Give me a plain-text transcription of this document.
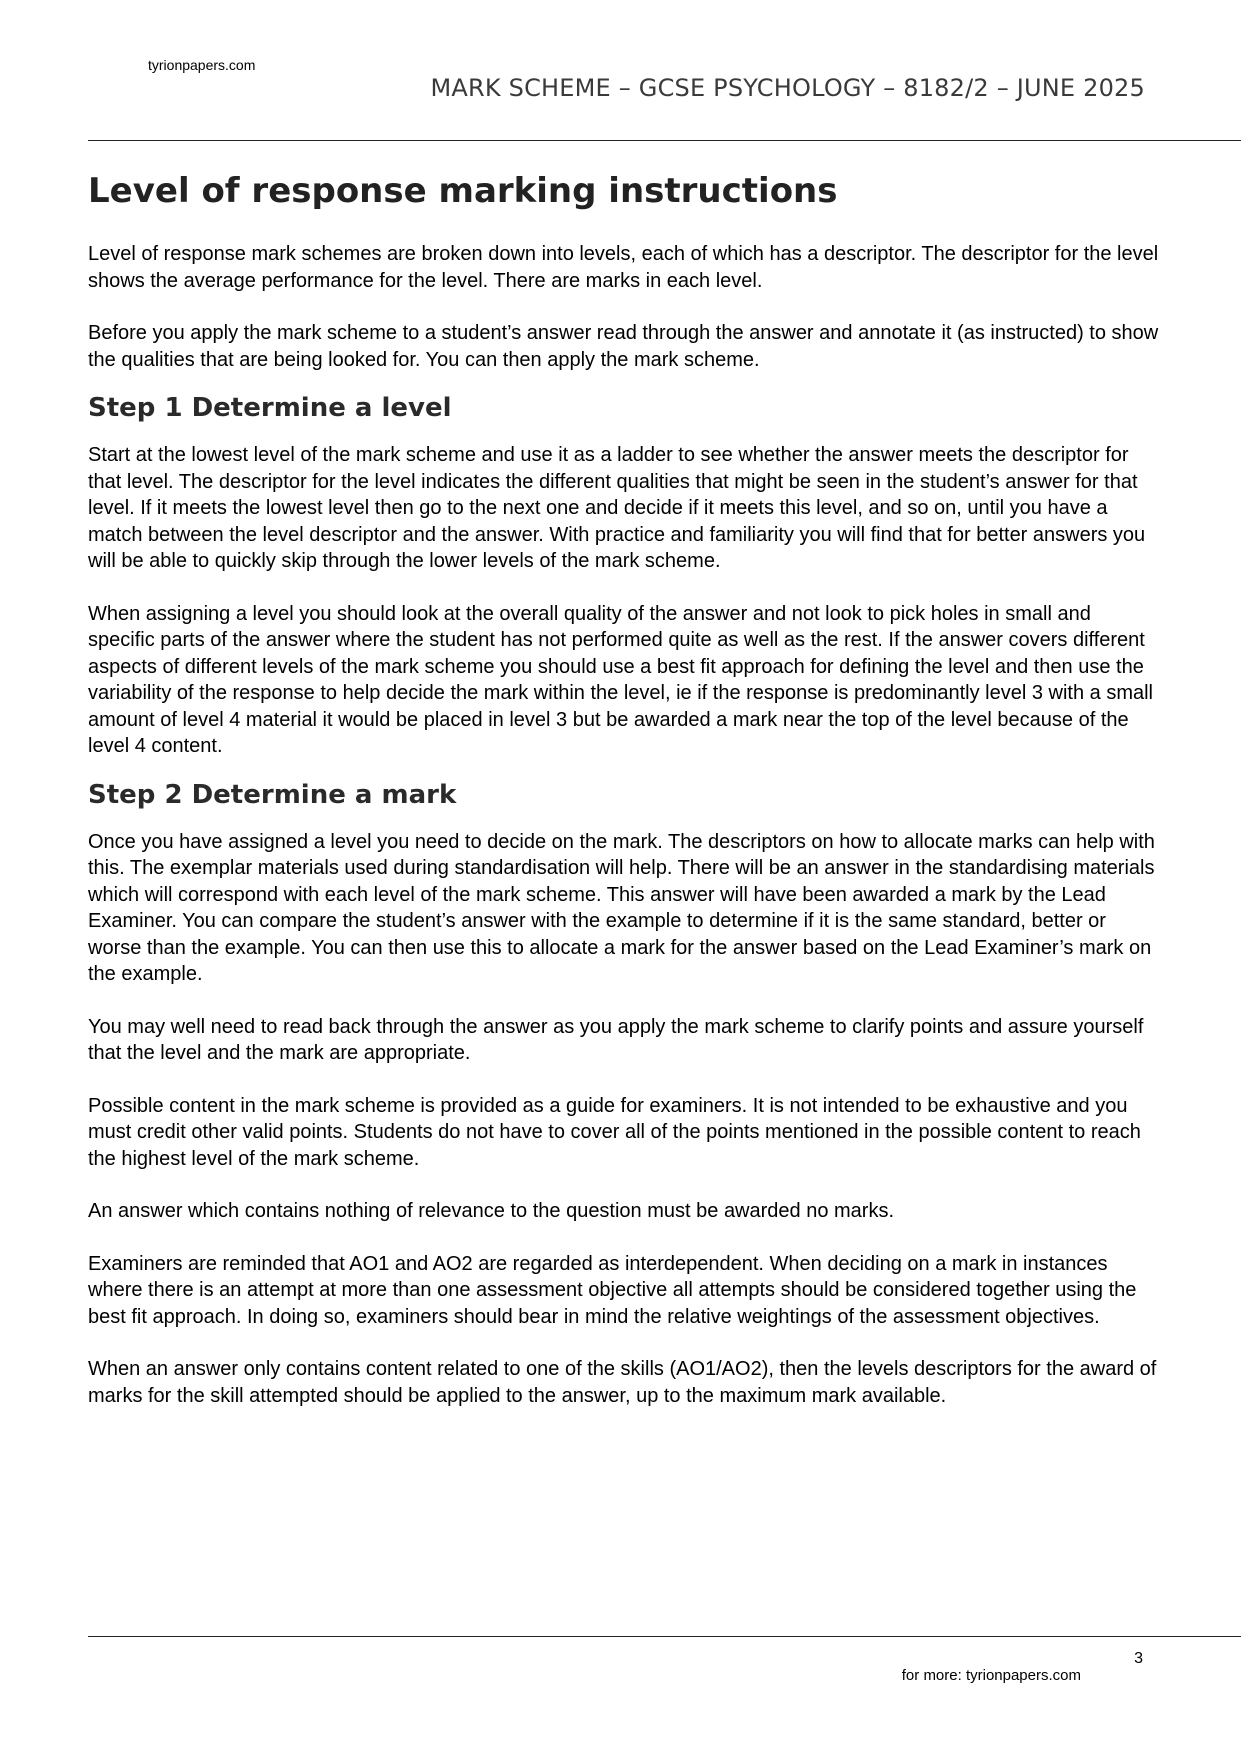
tyrionpapers.com
MARK SCHEME – GCSE PSYCHOLOGY – 8182/2 – JUNE 2025
Level of response marking instructions

Level of response mark schemes are broken down into levels, each of which has a descriptor. The descriptor for the level shows the average performance for the level. There are marks in each level.

Before you apply the mark scheme to a student’s answer read through the answer and annotate it (as instructed) to show the qualities that are being looked for. You can then apply the mark scheme.

Step 1 Determine a level

Start at the lowest level of the mark scheme and use it as a ladder to see whether the answer meets the descriptor for that level. The descriptor for the level indicates the different qualities that might be seen in the student’s answer for that level. If it meets the lowest level then go to the next one and decide if it meets this level, and so on, until you have a match between the level descriptor and the answer. With practice and familiarity you will find that for better answers you will be able to quickly skip through the lower levels of the mark scheme.

When assigning a level you should look at the overall quality of the answer and not look to pick holes in small and specific parts of the answer where the student has not performed quite as well as the rest. If the answer covers different aspects of different levels of the mark scheme you should use a best fit approach for defining the level and then use the variability of the response to help decide the mark within the level, ie if the response is predominantly level 3 with a small amount of level 4 material it would be placed in level 3 but be awarded a mark near the top of the level because of the level 4 content.

Step 2 Determine a mark

Once you have assigned a level you need to decide on the mark. The descriptors on how to allocate marks can help with this. The exemplar materials used during standardisation will help. There will be an answer in the standardising materials which will correspond with each level of the mark scheme. This answer will have been awarded a mark by the Lead Examiner. You can compare the student’s answer with the example to determine if it is the same standard, better or worse than the example. You can then use this to allocate a mark for the answer based on the Lead Examiner’s mark on the example.

You may well need to read back through the answer as you apply the mark scheme to clarify points and assure yourself that the level and the mark are appropriate.

Possible content in the mark scheme is provided as a guide for examiners. It is not intended to be exhaustive and you must credit other valid points. Students do not have to cover all of the points mentioned in the possible content to reach the highest level of the mark scheme.

An answer which contains nothing of relevance to the question must be awarded no marks.

Examiners are reminded that AO1 and AO2 are regarded as interdependent. When deciding on a mark in instances where there is an attempt at more than one assessment objective all attempts should be considered together using the best fit approach. In doing so, examiners should bear in mind the relative weightings of the assessment objectives.

When an answer only contains content related to one of the skills (AO1/AO2), then the levels descriptors for the award of marks for the skill attempted should be applied to the answer, up to the maximum mark available.

3
for more: tyrionpapers.com
